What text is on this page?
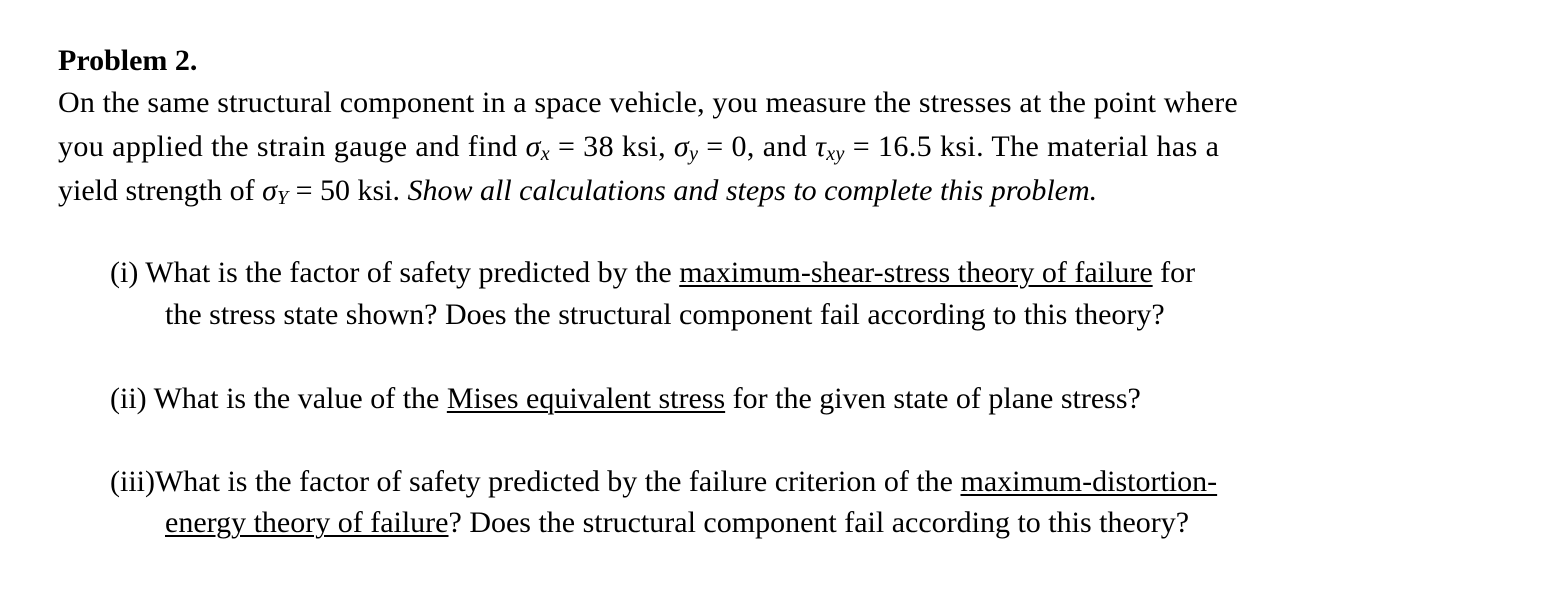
Problem 2.
On the same structural component in a space vehicle, you measure the stresses at the point where
you applied the strain gauge and find $\sigma_x = 38$ ksi, $\sigma_y = 0$, and $\tau_{xy} = 16.5$ ksi. The material has a
yield strength of $\sigma_Y = 50$ ksi. Show all calculations and steps to complete this problem.
(i) What is the factor of safety predicted by the maximum-shear-stress theory of failure for
the stress state shown? Does the structural component fail according to this theory?
(ii) What is the value of the Mises equivalent stress for the given state of plane stress?
(iii)What is the factor of safety predicted by the failure criterion of the maximum-distortion-
energy theory of failure? Does the structural component fail according to this theory?
